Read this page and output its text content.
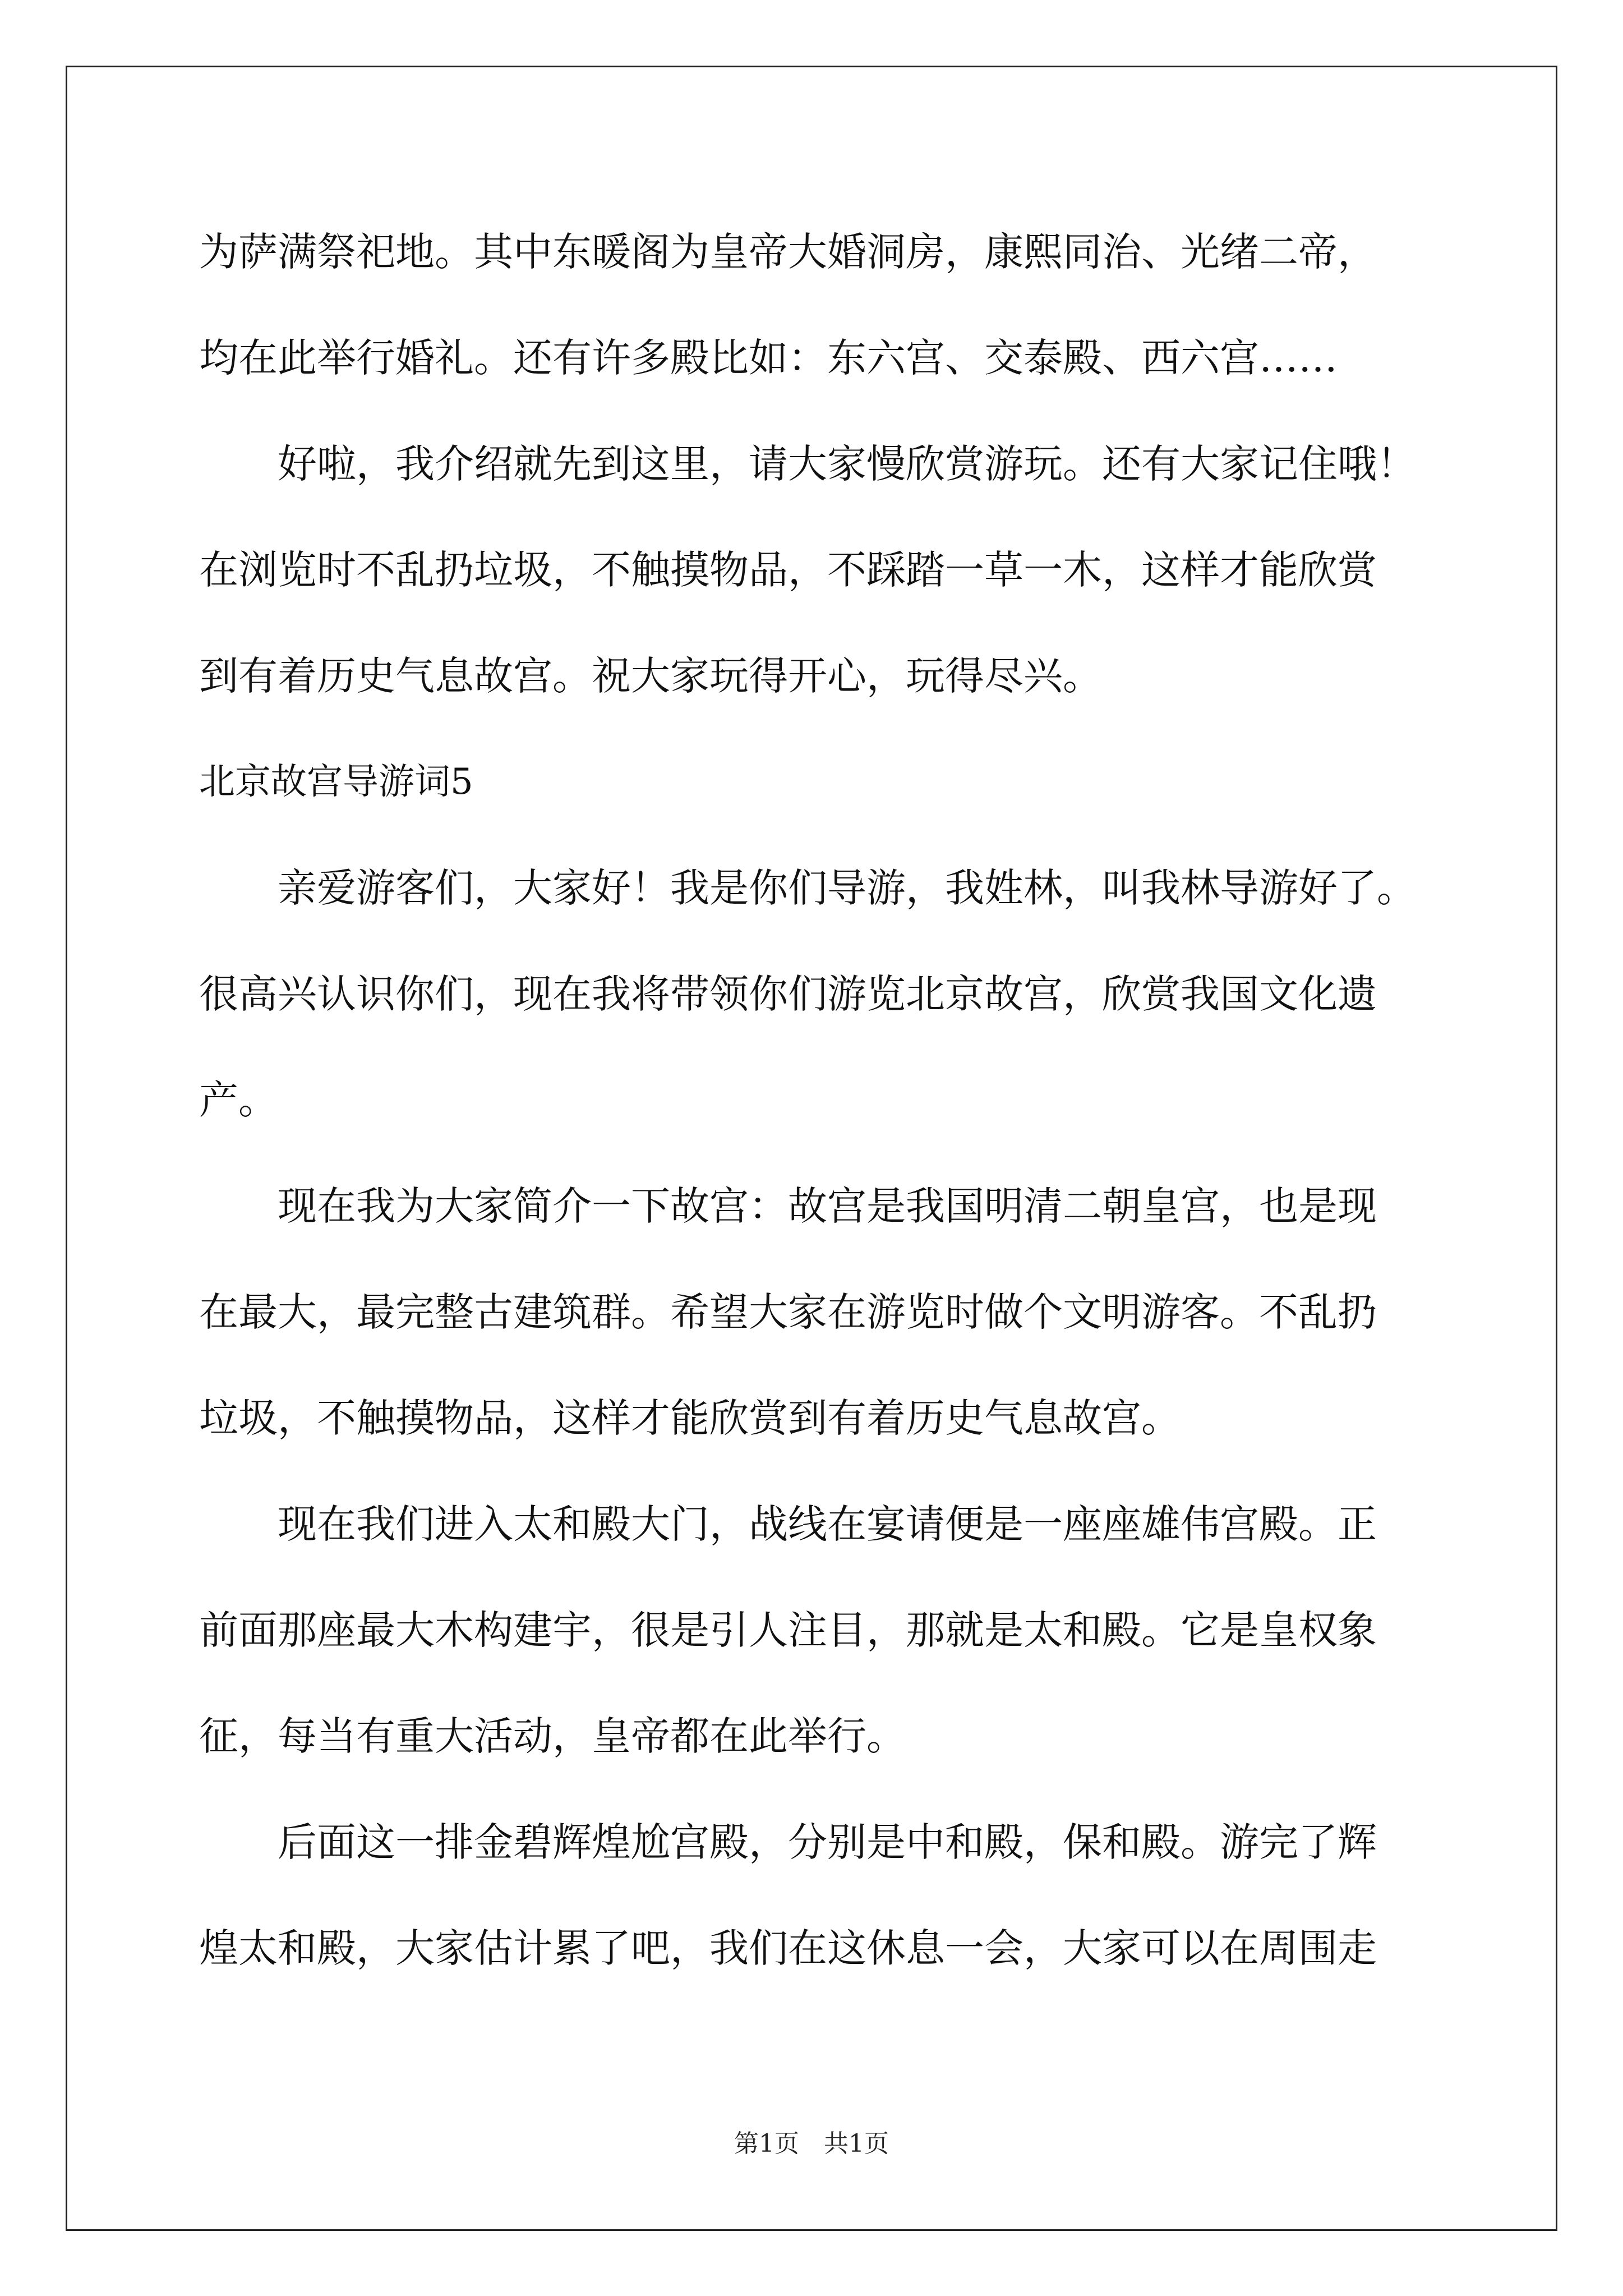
为萨满祭祀地。其中东暖阁为皇帝大婚洞房，康熙同治、光绪二帝，
均在此举行婚礼。还有许多殿比如：东六宫、交泰殿、西六宫……
好啦，我介绍就先到这里，请大家慢欣赏游玩。还有大家记住哦！
在浏览时不乱扔垃圾，不触摸物品，不踩踏一草一木，这样才能欣赏
到有着历史气息故宫。祝大家玩得开心，玩得尽兴。
北京故宫导游词5
亲爱游客们，大家好！我是你们导游，我姓林，叫我林导游好了。
很高兴认识你们，现在我将带领你们游览北京故宫，欣赏我国文化遗
产。
现在我为大家简介一下故宫：故宫是我国明清二朝皇宫，也是现
在最大，最完整古建筑群。希望大家在游览时做个文明游客。不乱扔
垃圾，不触摸物品，这样才能欣赏到有着历史气息故宫。
现在我们进入太和殿大门，战线在宴请便是一座座雄伟宫殿。正
前面那座最大木构建宇，很是引人注目，那就是太和殿。它是皇权象
征，每当有重大活动，皇帝都在此举行。
后面这一排金碧辉煌尬宫殿，分别是中和殿，保和殿。游完了辉
煌太和殿，大家估计累了吧，我们在这休息一会，大家可以在周围走
第1页　共1页
